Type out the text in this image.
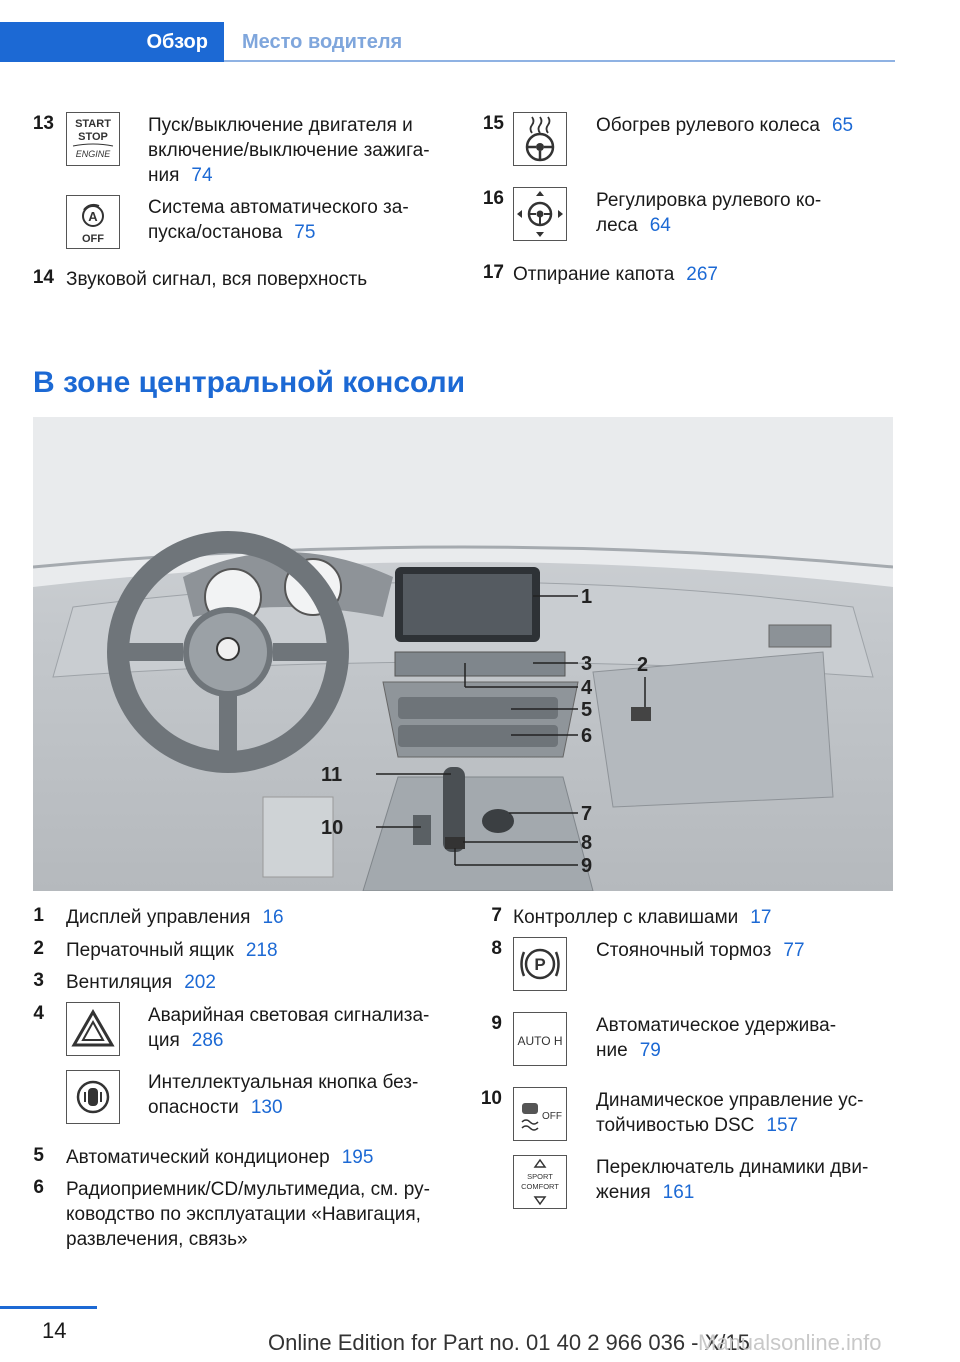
Обзор	Место водителя
13 START
STOP
ENGINE
Пуск/выключение двигателя и включение/выключение зажига-ния 74
A
OFF
Система автоматического за-пуска/останова 75
14 Звуковой сигнал, вся поверхность
15	Обогрев рулевого колеса 65
16	Регулировка рулевого ко-леса 64
17 Отпирание капота 267
В зоне центральной консоли
1
2
3
4
5
6
7
8
9
10
11
1 Дисплей управления 16
2 Перчаточный ящик 218
3 Вентиляция 202
4	Аварийная световая сигнализа-ция 286
Интеллектуальная кнопка без-опасности 130
5 Автоматический кондиционер 195
6 Радиоприемник/CD/мультимедиа, см. ру-ководство по эксплуатации «Навигация, развлечения, связь»
7 Контроллер с клавишами 17
8
P
Стояночный тормоз 77
9
AUTO H
Автоматическое удержива-ние 79
10
OFF
Динамическое управление ус-тойчивостью DSC 157
SPORT
COMFORT
Переключатель динамики дви-жения 161
14	Online Edition for Part no. 01 40 2 966 036 - X/15
Manualsonline.info
